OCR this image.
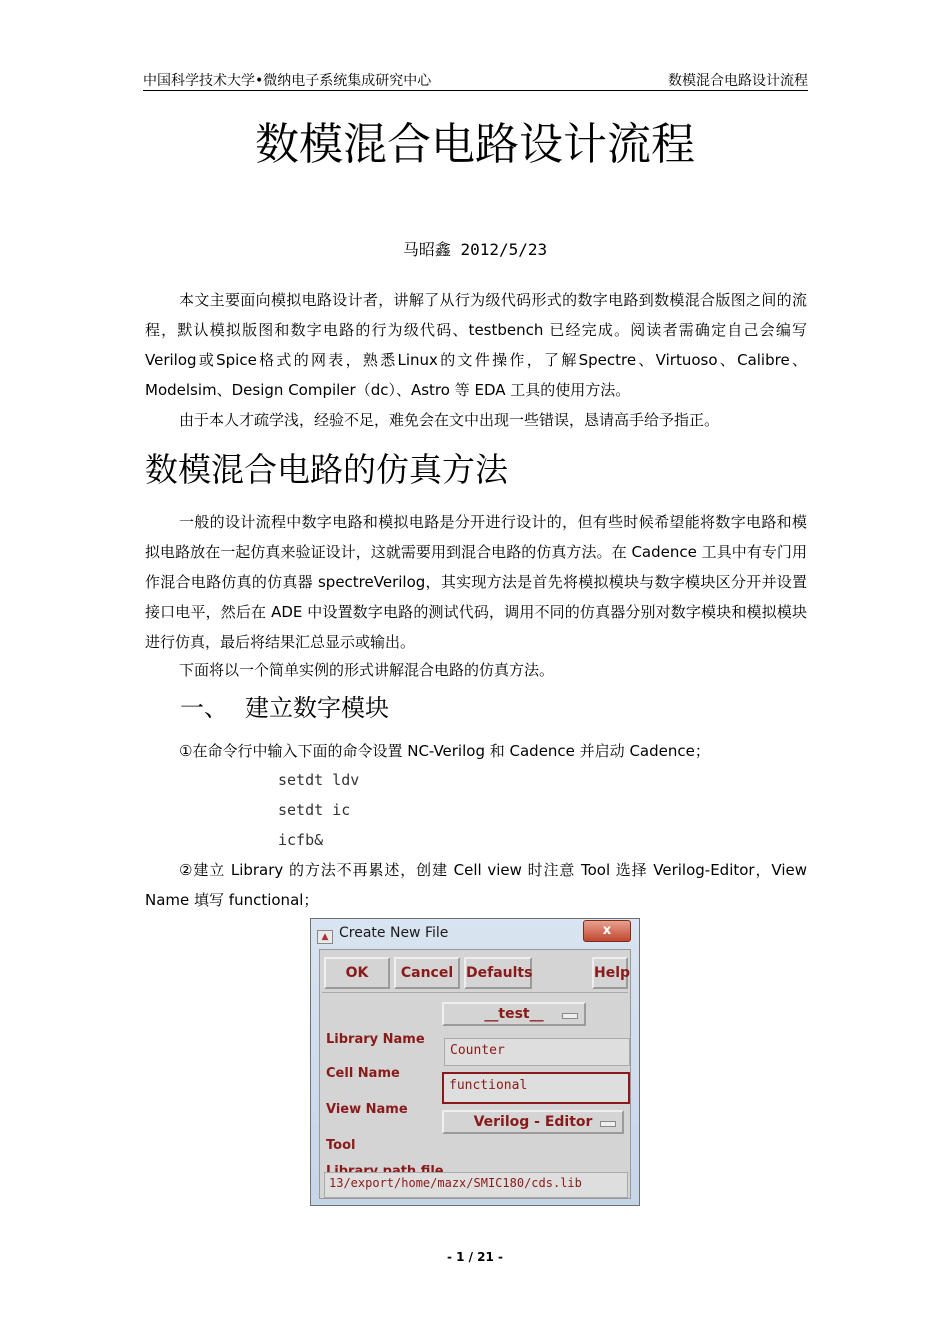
中国科学技术大学•微纳电子系统集成研究中心	数模混合电路设计流程
数模混合电路设计流程
马昭鑫 2012/5/23
本文主要面向模拟电路设计者，讲解了从行为级代码形式的数字电路到数模混合版图之间的流程，默认模拟版图和数字电路的行为级代码、testbench 已经完成。阅读者需确定自己会编写Verilog或Spice格式的网表，熟悉Linux的文件操作，了解Spectre、Virtuoso、Calibre、Modelsim、Design Compiler（dc）、Astro 等 EDA 工具的使用方法。
由于本人才疏学浅，经验不足，难免会在文中出现一些错误，恳请高手给予指正。
数模混合电路的仿真方法
一般的设计流程中数字电路和模拟电路是分开进行设计的，但有些时候希望能将数字电路和模拟电路放在一起仿真来验证设计，这就需要用到混合电路的仿真方法。在 Cadence 工具中有专门用作混合电路仿真的仿真器 spectreVerilog，其实现方法是首先将模拟模块与数字模块区分开并设置接口电平，然后在 ADE 中设置数字电路的测试代码，调用不同的仿真器分别对数字模块和模拟模块进行仿真，最后将结果汇总显示或输出。
下面将以一个简单实例的形式讲解混合电路的仿真方法。
一、 建立数字模块
①在命令行中输入下面的命令设置 NC-Verilog 和 Cadence 并启动 Cadence；
setdt ldv
setdt ic
icfb&
②建立 Library 的方法不再累述，创建 Cell view 时注意 Tool 选择 Verilog-Editor，View Name 填写 functional；
▲ Create New File	x
OK	Cancel Defaults	Help
Library Name
__test__
Cell Name
Counter
View Name
functional
Tool
Verilog - Editor
13/export/home/mazx/SMIC180/cds.lib
- 1 / 21 -
